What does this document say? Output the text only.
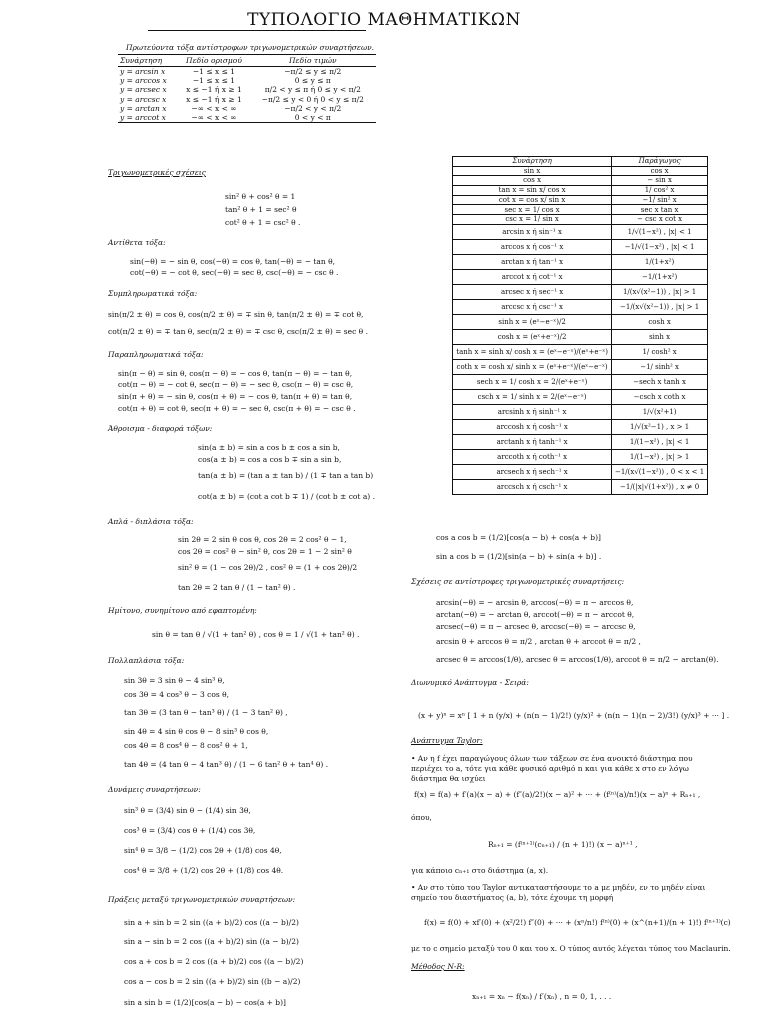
ΤΥΠΟΛΟΓΙΟ ΜΑΘΗΜΑΤΙΚΩΝ
Πρωτεύοντα τόξα αντίστροφων τριγωνομετρικών συναρτήσεων.
Συνάρτηση	Πεδίο ορισμού	Πεδίο τιμών
y = arcsin x	−1 ≤ x ≤ 1	−π/2 ≤ y ≤ π/2
y = arccos x	−1 ≤ x ≤ 1	0 ≤ y ≤ π
y = arcsec x	x ≤ −1 ή x ≥ 1	π/2 < y ≤ π ή 0 ≤ y < π/2
y = arccsc x	x ≤ −1 ή x ≥ 1	−π/2 ≤ y < 0 ή 0 < y ≤ π/2
y = arctan x	−∞ < x < ∞	−π/2 < y < π/2
y = arccot x	−∞ < x < ∞	0 < y < π
Συνάρτηση	Παράγωγος
sin x	cos x
cos x	− sin x
tan x = sin x/ cos x	1/ cos² x
cot x = cos x/ sin x	−1/ sin² x
sec x = 1/ cos x	sec x tan x
csc x = 1/ sin x	− csc x cot x
arcsin x ή sin⁻¹ x	1/√(1−x²) , |x| < 1
arccos x ή cos⁻¹ x	−1/√(1−x²) , |x| < 1
arctan x ή tan⁻¹ x	1/(1+x²)
arccot x ή cot⁻¹ x	−1/(1+x²)
arcsec x ή sec⁻¹ x	1/(x√(x²−1)) , |x| > 1
arccsc x ή csc⁻¹ x	−1/(x√(x²−1)) , |x| > 1
sinh x = (eˣ−e⁻ˣ)/2	cosh x
cosh x = (eˣ+e⁻ˣ)/2	sinh x
tanh x = sinh x/ cosh x = (eˣ−e⁻ˣ)/(eˣ+e⁻ˣ)	1/ cosh² x
coth x = cosh x/ sinh x = (eˣ+e⁻ˣ)/(eˣ−e⁻ˣ)	−1/ sinh² x
sech x = 1/ cosh x = 2/(eˣ+e⁻ˣ)	−sech x tanh x
csch x = 1/ sinh x = 2/(eˣ−e⁻ˣ)	−csch x coth x
arcsinh x ή sinh⁻¹ x	1/√(x²+1)
arccosh x ή cosh⁻¹ x	1/√(x²−1) , x > 1
arctanh x ή tanh⁻¹ x	1/(1−x²) , |x| < 1
arccoth x ή coth⁻¹ x	1/(1−x²) , |x| > 1
arcsech x ή sech⁻¹ x	−1/(x√(1−x²)) , 0 < x < 1
arccsch x ή csch⁻¹ x	−1/(|x|√(1+x²)) , x ≠ 0
Τριγωνομετρικές σχέσεις
sin² θ + cos² θ = 1
tan² θ + 1 = sec² θ
cot² θ + 1 = csc² θ .
Αντίθετα τόξα:
sin(−θ) = − sin θ, cos(−θ) = cos θ, tan(−θ) = − tan θ,
cot(−θ) = − cot θ, sec(−θ) = sec θ, csc(−θ) = − csc θ .
Συμπληρωματικά τόξα:
sin(π/2 ± θ) = cos θ, cos(π/2 ± θ) = ∓ sin θ, tan(π/2 ± θ) = ∓ cot θ,
cot(π/2 ± θ) = ∓ tan θ, sec(π/2 ± θ) = ∓ csc θ, csc(π/2 ± θ) = sec θ .
Παραπληρωματικά τόξα:
sin(π − θ) = sin θ, cos(π − θ) = − cos θ, tan(π − θ) = − tan θ,
cot(π − θ) = − cot θ, sec(π − θ) = − sec θ, csc(π − θ) = csc θ,
sin(π + θ) = − sin θ, cos(π + θ) = − cos θ, tan(π + θ) = tan θ,
cot(π + θ) = cot θ, sec(π + θ) = − sec θ, csc(π + θ) = − csc θ .
Άθροισμα - διαφορά τόξων:
sin(a ± b) = sin a cos b ± cos a sin b,
cos(a ± b) = cos a cos b ∓ sin a sin b,
tan(a ± b) = (tan a ± tan b) / (1 ∓ tan a tan b)
cot(a ± b) = (cot a cot b ∓ 1) / (cot b ± cot a) .
Απλά - διπλάσια τόξα:
sin 2θ = 2 sin θ cos θ, cos 2θ = 2 cos² θ − 1,
cos 2θ = cos² θ − sin² θ, cos 2θ = 1 − 2 sin² θ
sin² θ = (1 − cos 2θ)/2 , cos² θ = (1 + cos 2θ)/2
tan 2θ = 2 tan θ / (1 − tan² θ) .
Ημίτονο, συνημίτονο από εφαπτομένη:
sin θ = tan θ / √(1 + tan² θ) , cos θ = 1 / √(1 + tan² θ) .
Πολλαπλάσια τόξα:
sin 3θ = 3 sin θ − 4 sin³ θ,
cos 3θ = 4 cos³ θ − 3 cos θ,
tan 3θ = (3 tan θ − tan³ θ) / (1 − 3 tan² θ) ,
sin 4θ = 4 sin θ cos θ − 8 sin³ θ cos θ,
cos 4θ = 8 cos⁴ θ − 8 cos² θ + 1,
tan 4θ = (4 tan θ − 4 tan³ θ) / (1 − 6 tan² θ + tan⁴ θ) .
Δυνάμεις συναρτήσεων:
sin³ θ = (3/4) sin θ − (1/4) sin 3θ,
cos³ θ = (3/4) cos θ + (1/4) cos 3θ,
sin⁴ θ = 3/8 − (1/2) cos 2θ + (1/8) cos 4θ,
cos⁴ θ = 3/8 + (1/2) cos 2θ + (1/8) cos 4θ.
Πράξεις μεταξύ τριγωνομετρικών συναρτήσεων:
sin a + sin b = 2 sin ((a + b)/2) cos ((a − b)/2)
sin a − sin b = 2 cos ((a + b)/2) sin ((a − b)/2)
cos a + cos b = 2 cos ((a + b)/2) cos ((a − b)/2)
cos a − cos b = 2 sin ((a + b)/2) sin ((b − a)/2)
sin a sin b = (1/2)[cos(a − b) − cos(a + b)]
cos a cos b = (1/2)[cos(a − b) + cos(a + b)]
sin a cos b = (1/2)[sin(a − b) + sin(a + b)] .
Σχέσεις σε αντίστροφες τριγωνομετρικές συναρτήσεις:
arcsin(−θ) = − arcsin θ, arccos(−θ) = π − arccos θ,
arctan(−θ) = − arctan θ, arccot(−θ) = π − arccot θ,
arcsec(−θ) = π − arcsec θ, arccsc(−θ) = − arccsc θ,
arcsin θ + arccos θ = π/2 , arctan θ + arccot θ = π/2 ,
arcsec θ = arccos(1/θ), arcsec θ = arccos(1/θ), arccot θ = π/2 − arctan(θ).
Διωνυμικό Ανάπτυγμα - Σειρά:
(x + y)ⁿ = xⁿ [ 1 + n (y/x) + (n(n − 1)/2!) (y/x)² + (n(n − 1)(n − 2)/3!) (y/x)³ + ··· ] .
Ανάπτυγμα Taylor:
• Αν η f έχει παραγώγους όλων των τάξεων σε ένα ανοικτό διάστημα που περιέχει το a, τότε για κάθε φυσικό αριθμό n και για κάθε x στο εν λόγω διάστημα θα ισχύει
f(x) = f(a) + f′(a)(x − a) + (f″(a)/2!)(x − a)² + ··· + (f⁽ⁿ⁾(a)/n!)(x − a)ⁿ + Rₙ₊₁ ,
όπου,
Rₙ₊₁ = (f⁽ⁿ⁺¹⁾(cₙ₊₁) / (n + 1)!) (x − a)ⁿ⁺¹ ,
για κάποιο cₙ₊₁ στο διάστημα (a, x).
• Αν στο τύπο του Taylor αντικαταστήσουμε το a με μηδέν, εν το μηδέν είναι σημείο του διαστήματος (a, b), τότε έχουμε τη μορφή
f(x) = f(0) + xf′(0) + (x²/2!) f″(0) + ··· + (xⁿ/n!) f⁽ⁿ⁾(0) + (x^(n+1)/(n + 1)!) f⁽ⁿ⁺¹⁾(c)
με το c σημείο μεταξύ του 0 και του x. Ο τύπος αυτός λέγεται τύπος του Maclaurin.
Μέθοδος N-R:
xₙ₊₁ = xₙ − f(xₙ) / f′(xₙ) , n = 0, 1, . . .
